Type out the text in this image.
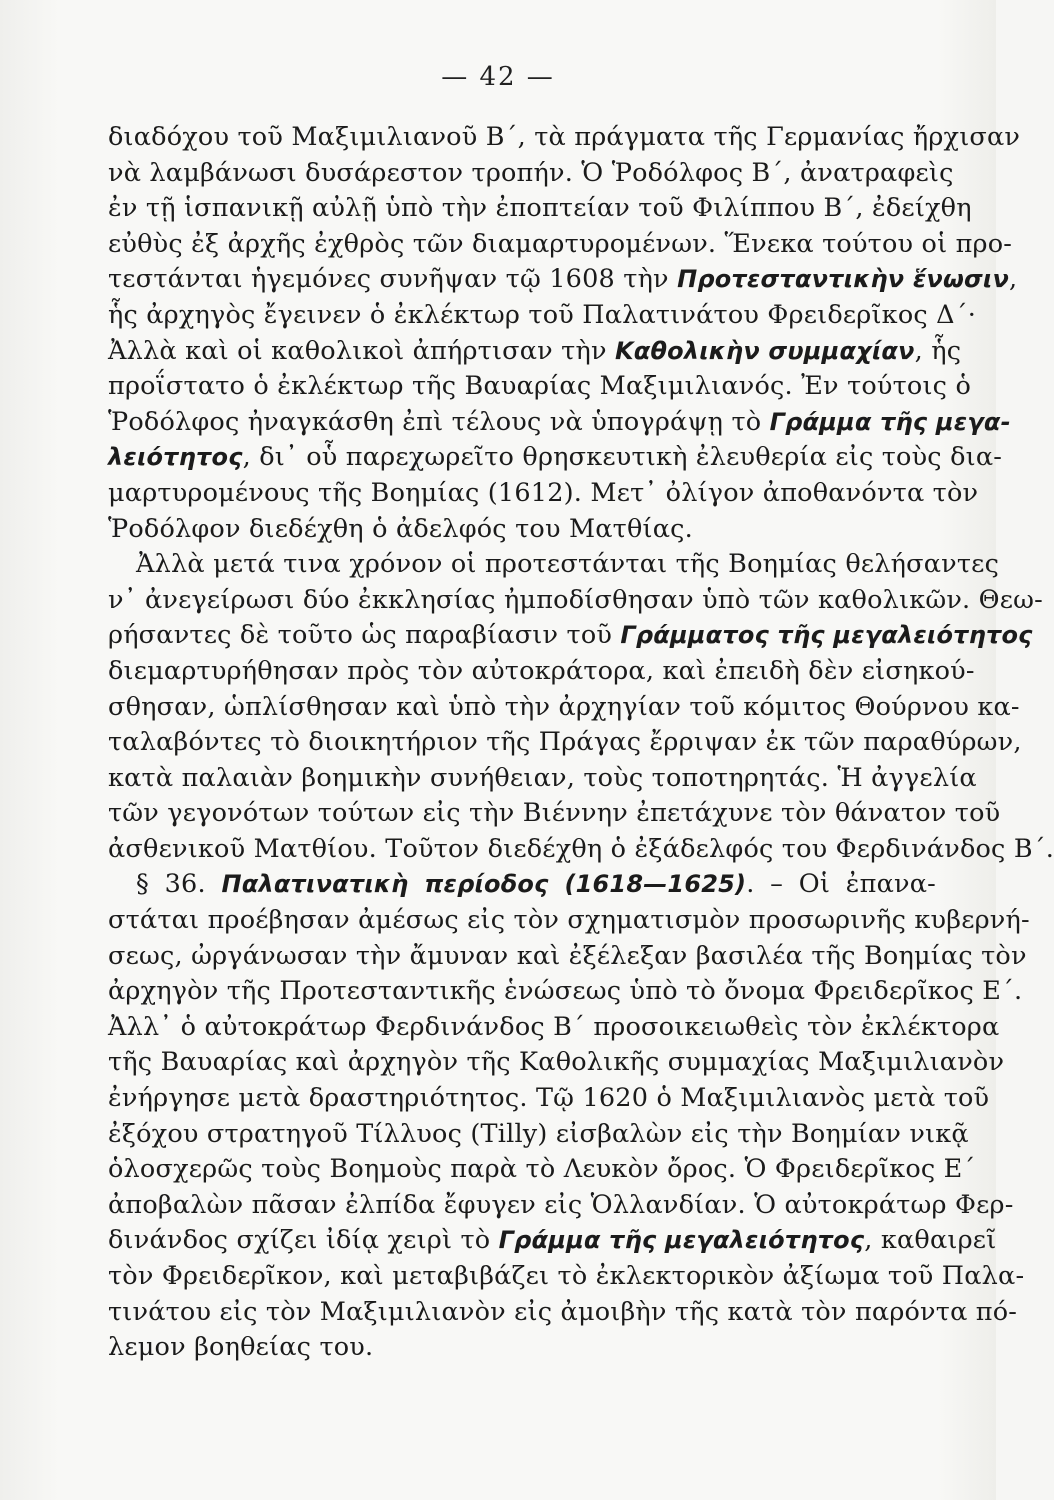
— 42 —
διαδόχου τοῦ Μαξιμιλιανοῦ Β΄, τὰ πράγματα τῆς Γερμανίας ἤρχισαν
νὰ λαμβάνωσι δυσάρεστον τροπήν. Ὁ Ῥοδόλφος Β΄, ἀνατραφεὶς
ἐν τῇ ἱσπανικῇ αὐλῇ ὑπὸ τὴν ἐποπτείαν τοῦ Φιλίππου Β΄, ἐδείχθη
εὐθὺς ἐξ ἀρχῆς ἐχθρὸς τῶν διαμαρτυρομένων. Ἕνεκα τούτου οἱ προ-
τεστάνται ἡγεμόνες συνῆψαν τῷ 1608 τὴν Προτεσταντικὴν ἕνωσιν,
ἧς ἀρχηγὸς ἔγεινεν ὁ ἐκλέκτωρ τοῦ Παλατινάτου Φρειδερῖκος Δ΄·
Ἀλλὰ καὶ οἱ καθολικοὶ ἀπήρτισαν τὴν Καθολικὴν συμμαχίαν, ἧς
προΐστατο ὁ ἐκλέκτωρ τῆς Βαυαρίας Μαξιμιλιανός. Ἐν τούτοις ὁ
Ῥοδόλφος ἠναγκάσθη ἐπὶ τέλους νὰ ὑπογράψῃ τὸ Γράμμα τῆς μεγα-
λειότητος, δι᾽ οὗ παρεχωρεῖτο θρησκευτικὴ ἐλευθερία εἰς τοὺς δια-
μαρτυρομένους τῆς Βοημίας (1612). Μετ᾽ ὀλίγον ἀποθανόντα τὸν
Ῥοδόλφον διεδέχθη ὁ ἀδελφός του Ματθίας.
Ἀλλὰ μετά τινα χρόνον οἱ προτεστάνται τῆς Βοημίας θελήσαντες
ν᾽ ἀνεγείρωσι δύο ἐκκλησίας ἠμποδίσθησαν ὑπὸ τῶν καθολικῶν. Θεω-
ρήσαντες δὲ τοῦτο ὡς παραβίασιν τοῦ Γράμματος τῆς μεγαλειότητος
διεμαρτυρήθησαν πρὸς τὸν αὐτοκράτορα, καὶ ἐπειδὴ δὲν εἰσηκού-
σθησαν, ὡπλίσθησαν καὶ ὑπὸ τὴν ἀρχηγίαν τοῦ κόμιτος Θούρνου κα-
ταλαβόντες τὸ διοικητήριον τῆς Πράγας ἔρριψαν ἐκ τῶν παραθύρων,
κατὰ παλαιὰν βοημικὴν συνήθειαν, τοὺς τοποτηρητάς. Ἡ ἀγγελία
τῶν γεγονότων τούτων εἰς τὴν Βιέννην ἐπετάχυνε τὸν θάνατον τοῦ
ἀσθενικοῦ Ματθίου. Τοῦτον διεδέχθη ὁ ἐξάδελφός του Φερδινάνδος Β΄.
§ 36. Παλατινατικὴ περίοδος (1618—1625). – Οἱ ἐπανα-
στάται προέβησαν ἀμέσως εἰς τὸν σχηματισμὸν προσωρινῆς κυβερνή-
σεως, ὠργάνωσαν τὴν ἄμυναν καὶ ἐξέλεξαν βασιλέα τῆς Βοημίας τὸν
ἀρχηγὸν τῆς Προτεσταντικῆς ἑνώσεως ὑπὸ τὸ ὄνομα Φρειδερῖκος Ε΄.
Ἀλλ᾽ ὁ αὐτοκράτωρ Φερδινάνδος Β΄ προσοικειωθεὶς τὸν ἐκλέκτορα
τῆς Βαυαρίας καὶ ἀρχηγὸν τῆς Καθολικῆς συμμαχίας Μαξιμιλιανὸν
ἐνήργησε μετὰ δραστηριότητος. Τῷ 1620 ὁ Μαξιμιλιανὸς μετὰ τοῦ
ἐξόχου στρατηγοῦ Τίλλυος (Tilly) εἰσβαλὼν εἰς τὴν Βοημίαν νικᾷ
ὁλοσχερῶς τοὺς Βοημοὺς παρὰ τὸ Λευκὸν ὄρος. Ὁ Φρειδερῖκος Ε΄
ἀποβαλὼν πᾶσαν ἐλπίδα ἔφυγεν εἰς Ὁλλανδίαν. Ὁ αὐτοκράτωρ Φερ-
δινάνδος σχίζει ἰδίᾳ χειρὶ τὸ Γράμμα τῆς μεγαλειότητος, καθαιρεῖ
τὸν Φρειδερῖκον, καὶ μεταβιβάζει τὸ ἐκλεκτορικὸν ἀξίωμα τοῦ Παλα-
τινάτου εἰς τὸν Μαξιμιλιανὸν εἰς ἀμοιβὴν τῆς κατὰ τὸν παρόντα πό-
λεμον βοηθείας του.
